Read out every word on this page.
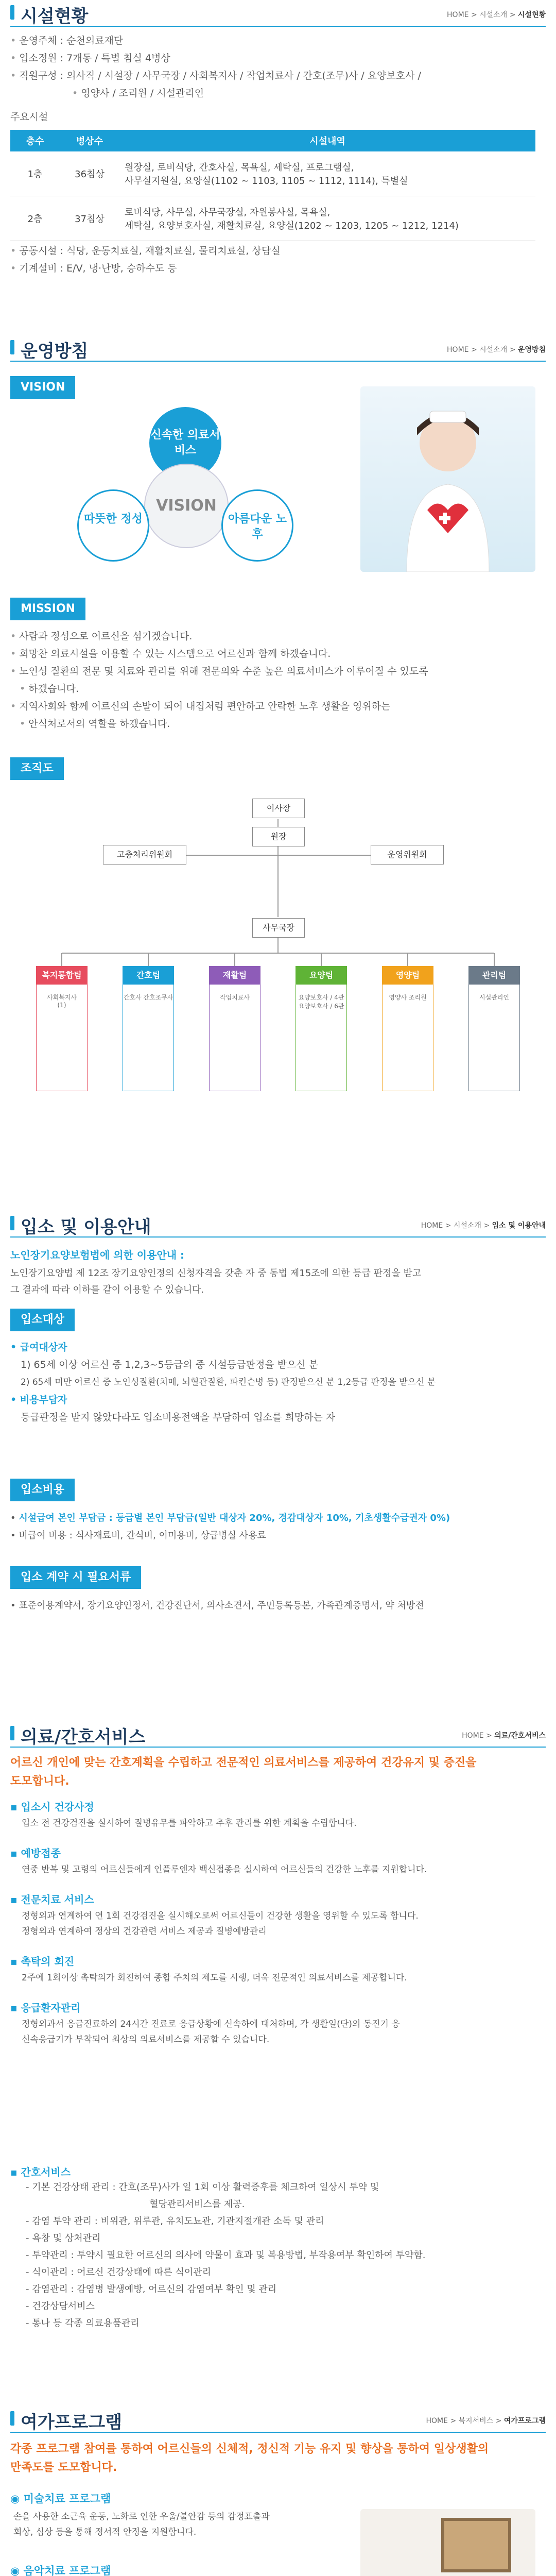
시설현황	HOME > 시설소개 > 시설현황
• 운영주체 : 순천의료재단
• 입소정원 : 7개동 / 특별 침실 4병상
• 직원구성 : 의사직 / 시설장 / 사무국장 / 사회복지사 / 작업치료사 / 간호(조무)사 / 요양보호사 /
• 영양사 / 조리원 / 시설관리인
주요시설
층수	병상수	시설내역
1층	36침상	원장실, 로비식당, 간호사실, 목욕실, 세탁실, 프로그램실,
사무실지원실, 요양실(1102 ~ 1103, 1105 ~ 1112, 1114), 특별실

2층	37침상	로비식당, 사무실, 사무국장실, 자원봉사실, 목욕실,
세탁실, 요양보호사실, 재활치료실, 요양실(1202 ~ 1203, 1205 ~ 1212, 1214)
• 공동시설 : 식당, 운동치료실, 재활치료실, 물리치료실, 상담실
• 기계설비 : E/V, 냉·난방, 승하수도 등
운영방침	HOME > 시설소개 > 운영방침
VISION
신속한 의료서비스
VISION
따뜻한 정성	아름다운 노후
MISSION
• 사람과 정성으로 어르신을 섬기겠습니다.
• 희망찬 의료시설을 이용할 수 있는 시스템으로 어르신과 함께 하겠습니다.
• 노인성 질환의 전문 및 치료와 관리를 위해 전문의와 수준 높은 의료서비스가 이루어질 수 있도록
• 하겠습니다.
• 지역사회와 함께 어르신의 손발이 되어 내집처럼 편안하고 안락한 노후 생활을 영위하는
• 안식처로서의 역할을 하겠습니다.
조직도
이사장
원장
고충처리위원회	운영위원회
사무국장
복지통합팀
사회복지사
(1)
간호팀
간호사 간호조무사
재활팀
작업치료사
요양팀
요양보호사 / 4관
요양보호사 / 6관
영양팀
영양사 조리원
관리팀
시설관리인
입소 및 이용안내	HOME > 시설소개 > 입소 및 이용안내
노인장기요양보험법에 의한 이용안내 :
노인장기요양법 제 12조 장기요양인정의 신청자격을 갖춘 자 중 동법 제15조에 의한 등급 판정을 받고
그 결과에 따라 이하를 같이 이용할 수 있습니다.
입소대상
• 급여대상자
1) 65세 이상 어르신 중 1,2,3~5등급의 중 시설등급판정을 받으신 분
2) 65세 미만 어르신 중 노인성질환(치매, 뇌혈관질환, 파킨슨병 등) 판정받으신 분 1,2등급 판정을 받으신 분
• 비용부담자
등급판정을 받지 않았다라도 입소비용전액을 부담하여 입소를 희망하는 자
입소비용
• 시설급여 본인 부담금 : 등급별 본인 부담금(일반 대상자 20%, 경감대상자 10%, 기초생활수급권자 0%)
• 비급여 비용 : 식사재료비, 간식비, 이미용비, 상급병실 사용료
입소 계약 시 필요서류
• 표준이용계약서, 장기요양인정서, 건강진단서, 의사소견서, 주민등록등본, 가족관계증명서, 약 처방전
의료/간호서비스	HOME > 의료/간호서비스
어르신 개인에 맞는 간호계획을 수립하고 전문적인 의료서비스를 제공하여 건강유지 및 증진을
도모합니다.
▪ 입소시 건강사정
입소 전 건강검진을 실시하여 질병유무를 파악하고 추후 관리를 위한 계획을 수립합니다.
▪ 예방접종
연중 반복 및 고령의 어르신들에게 인플루엔자 백신접종을 실시하여 어르신들의 건강한 노후를 지원합니다.
▪ 전문치료 서비스
정형외과 연계하여 연 1회 건강검진을 실시해오로써 어르신들이 건강한 생활을 영위할 수 있도록 합니다.
정형외과 연계하여 정상의 건강관련 서비스 제공과 질병예방관리
▪ 촉탁의 회진
2주에 1회이상 촉탁의가 회진하여 종합 주치의 제도를 시행, 더욱 전문적인 의료서비스를 제공합니다.
▪ 응급환자관리
정형외과서 응급진료하의 24시간 진료로 응급상황에 신속하에 대처하며, 각 생활일(단)의 동진기 응
신속응급기가 부착되어 최상의 의료서비스를 제공할 수 있습니다.
▪ 간호서비스
- 기본 건강상태 관리 : 간호(조무)사가 일 1회 이상 활력증후를 체크하여 일상시 투약 및
혈당관리서비스를 제공.
- 감염 투약 관리 : 비위관, 위루관, 유치도뇨관, 기관지절개관 소독 및 관리
- 욕창 및 상처관리
- 투약관리 : 투약시 필요한 어르신의 의사에 약물이 효과 및 복용방법, 부작용여부 확인하여 투약함.
- 식이관리 : 어르신 건강상태에 따른 식이관리
- 감염관리 : 감염병 발생예방, 어르신의 감염여부 확인 및 관리
- 건강상담서비스
- 통나 등 각종 의료용품관리
여가프로그램	HOME > 복지서비스 > 여가프로그램
각종 프로그램 참여를 통하여 어르신들의 신체적, 정신적 기능 유지 및 향상을 통하여 일상생활의
만족도를 도모합니다.
◉ 미술치료 프로그램
손을 사용한 소근육 운동, 노화로 인한 우울/불안감 등의 감정표출과
회상, 심상 등을 통해 정서적 안정을 지원합니다.
◉ 음악치료 프로그램
